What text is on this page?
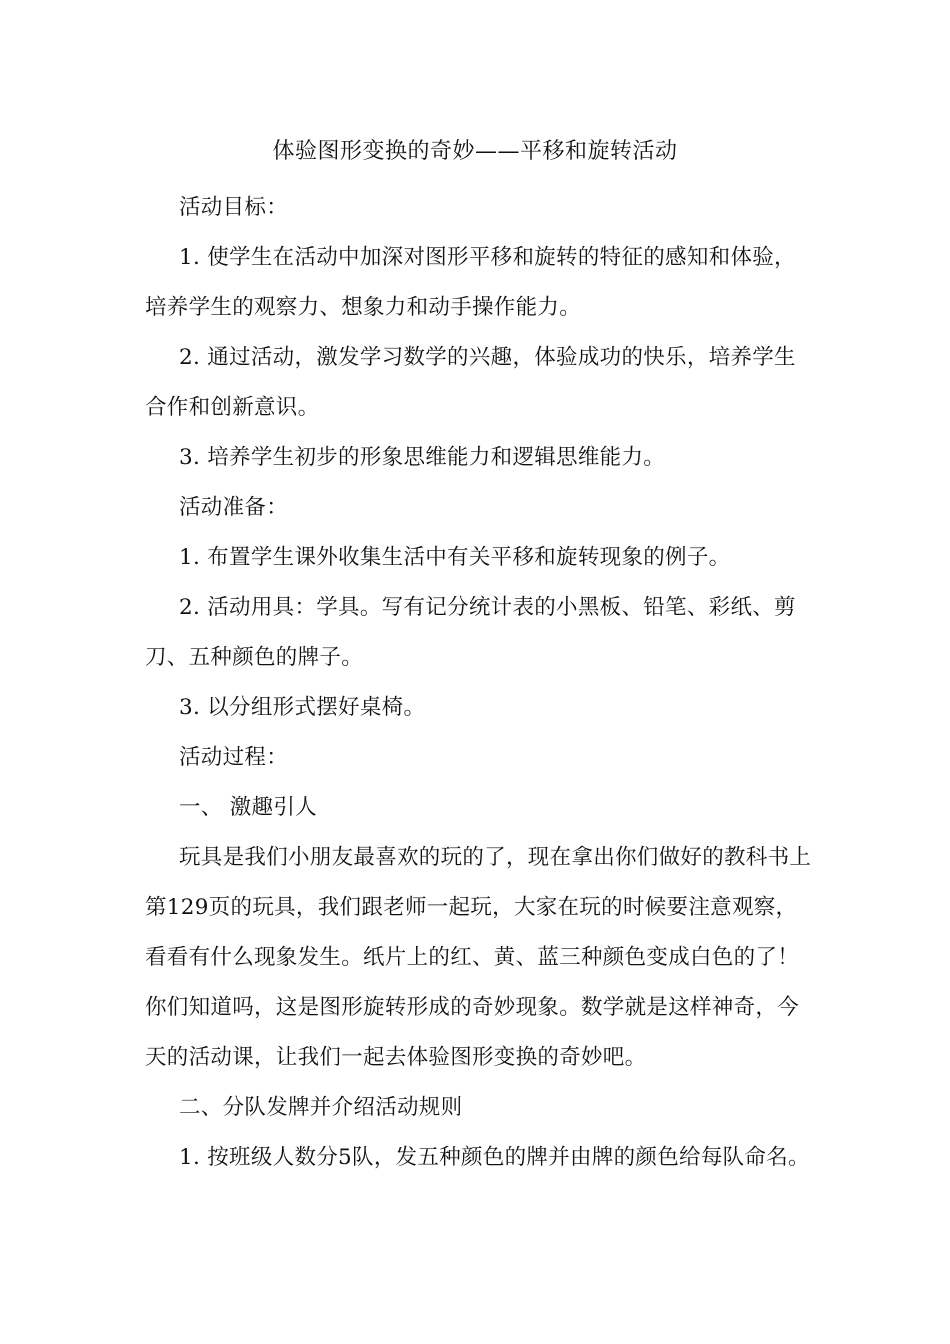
体验图形变换的奇妙——平移和旋转活动

活动目标：

1. 使学生在活动中加深对图形平移和旋转的特征的感知和体验，培养学生的观察力、想象力和动手操作能力。

2. 通过活动，激发学习数学的兴趣，体验成功的快乐，培养学生合作和创新意识。

3. 培养学生初步的形象思维能力和逻辑思维能力。

活动准备：

1. 布置学生课外收集生活中有关平移和旋转现象的例子。

2. 活动用具：学具。写有记分统计表的小黑板、铅笔、彩纸、剪刀、五种颜色的牌子。

3. 以分组形式摆好桌椅。

活动过程：

一、 激趣引人

玩具是我们小朋友最喜欢的玩的了，现在拿出你们做好的教科书上第129页的玩具，我们跟老师一起玩，大家在玩的时候要注意观察，看看有什么现象发生。纸片上的红、黄、蓝三种颜色变成白色的了！你们知道吗，这是图形旋转形成的奇妙现象。数学就是这样神奇，今天的活动课，让我们一起去体验图形变换的奇妙吧。

二、分队发牌并介绍活动规则

1. 按班级人数分5队，发五种颜色的牌并由牌的颜色给每队命名。
